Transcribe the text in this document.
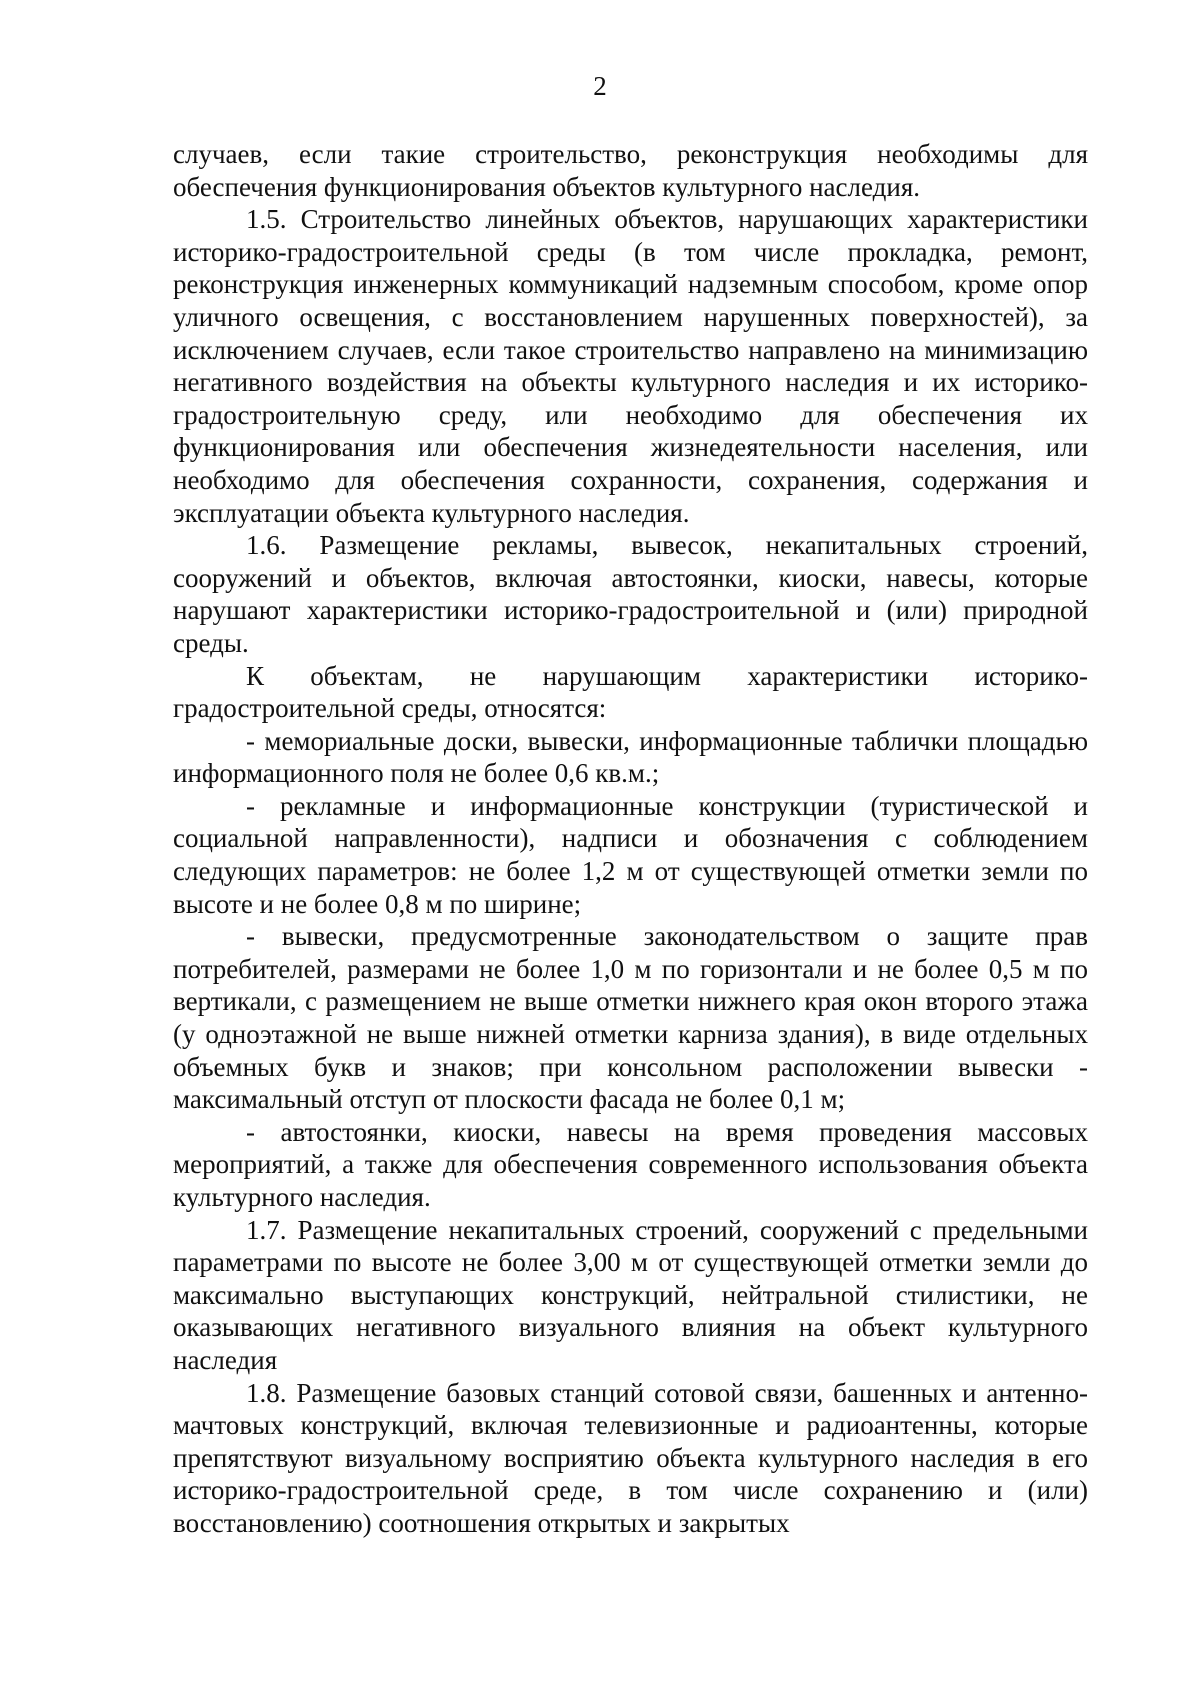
2

случаев, если такие строительство, реконструкция необходимы для обеспечения функционирования объектов культурного наследия.

1.5. Строительство линейных объектов, нарушающих характеристики историко-градостроительной среды (в том числе прокладка, ремонт, реконструкция инженерных коммуникаций надземным способом, кроме опор уличного освещения, с восстановлением нарушенных поверхностей), за исключением случаев, если такое строительство направлено на минимизацию негативного воздействия на объекты культурного наследия и их историко-градостроительную среду, или необходимо для обеспечения их функционирования или обеспечения жизнедеятельности населения, или необходимо для обеспечения сохранности, сохранения, содержания и эксплуатации объекта культурного наследия.

1.6. Размещение рекламы, вывесок, некапитальных строений, сооружений и объектов, включая автостоянки, киоски, навесы, которые нарушают характеристики историко-градостроительной и (или) природной среды.

К объектам, не нарушающим характеристики историко-градостроительной среды, относятся:

- мемориальные доски, вывески, информационные таблички площадью информационного поля не более 0,6 кв.м.;

- рекламные и информационные конструкции (туристической и социальной направленности), надписи и обозначения с соблюдением следующих параметров: не более 1,2 м от существующей отметки земли по высоте и не более 0,8 м по ширине;

- вывески, предусмотренные законодательством о защите прав потребителей, размерами не более 1,0 м по горизонтали и не более 0,5 м по вертикали, с размещением не выше отметки нижнего края окон второго этажа (у одноэтажной не выше нижней отметки карниза здания), в виде отдельных объемных букв и знаков; при консольном расположении вывески - максимальный отступ от плоскости фасада не более 0,1 м;

- автостоянки, киоски, навесы на время проведения массовых мероприятий, а также для обеспечения современного использования объекта культурного наследия.

1.7. Размещение некапитальных строений, сооружений с предельными параметрами по высоте не более 3,00 м от существующей отметки земли до максимально выступающих конструкций, нейтральной стилистики, не оказывающих негативного визуального влияния на объект культурного наследия

1.8. Размещение базовых станций сотовой связи, башенных и антенно-мачтовых конструкций, включая телевизионные и радиоантенны, которые препятствуют визуальному восприятию объекта культурного наследия в его историко-градостроительной среде, в том числе сохранению и (или) восстановлению) соотношения открытых и закрытых
